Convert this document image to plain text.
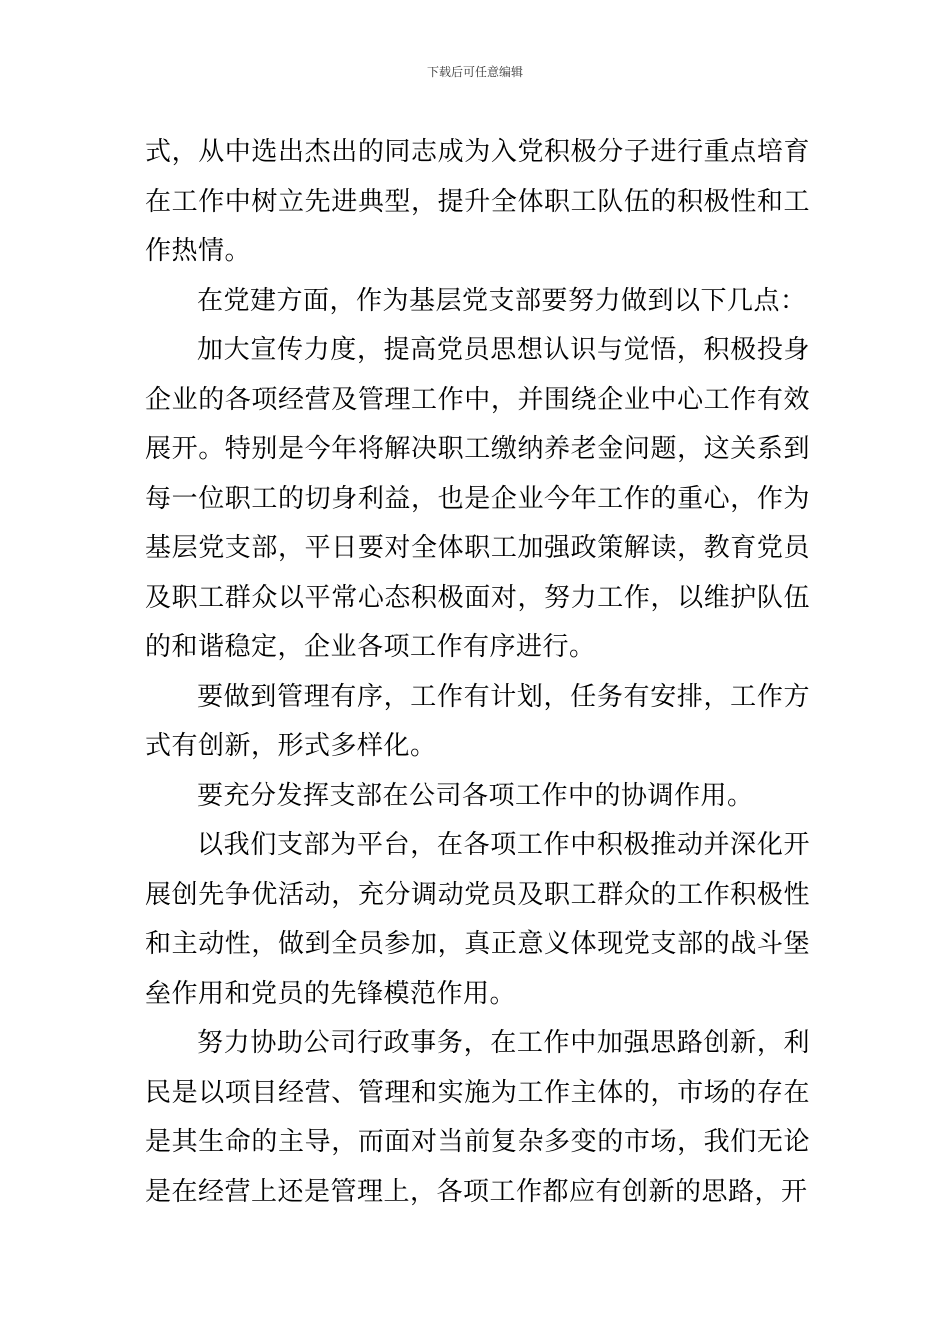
下载后可任意编辑

式，从中选出杰出的同志成为入党积极分子进行重点培育在工作中树立先进典型，提升全体职工队伍的积极性和工作热情。

在党建方面，作为基层党支部要努力做到以下几点：

加大宣传力度，提高党员思想认识与觉悟，积极投身企业的各项经营及管理工作中，并围绕企业中心工作有效展开。特别是今年将解决职工缴纳养老金问题，这关系到每一位职工的切身利益，也是企业今年工作的重心，作为基层党支部，平日要对全体职工加强政策解读，教育党员及职工群众以平常心态积极面对，努力工作，以维护队伍的和谐稳定，企业各项工作有序进行。

要做到管理有序，工作有计划，任务有安排，工作方式有创新，形式多样化。

要充分发挥支部在公司各项工作中的协调作用。

以我们支部为平台，在各项工作中积极推动并深化开展创先争优活动，充分调动党员及职工群众的工作积极性和主动性，做到全员参加，真正意义体现党支部的战斗堡垒作用和党员的先锋模范作用。

努力协助公司行政事务，在工作中加强思路创新，利民是以项目经营、管理和实施为工作主体的，市场的存在是其生命的主导，而面对当前复杂多变的市场，我们无论是在经营上还是管理上，各项工作都应有创新的思路，开
